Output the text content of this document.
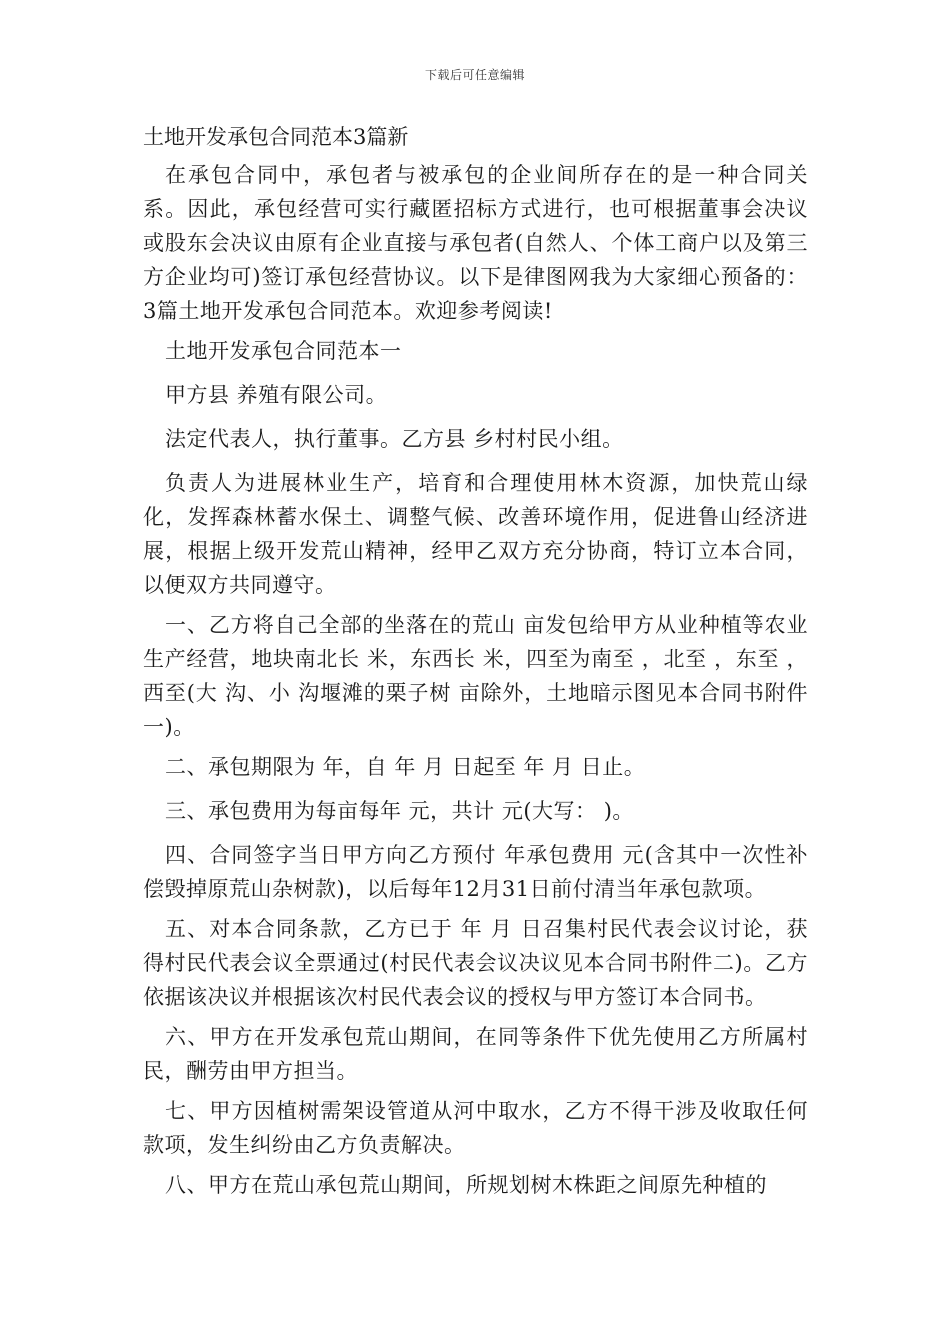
下载后可任意编辑
土地开发承包合同范本3篇新

在承包合同中，承包者与被承包的企业间所存在的是一种合同关系。因此，承包经营可实行藏匿招标方式进行，也可根据董事会决议或股东会决议由原有企业直接与承包者(自然人、个体工商户以及第三方企业均可)签订承包经营协议。以下是律图网我为大家细心预备的：3篇土地开发承包合同范本。欢迎参考阅读!

土地开发承包合同范本一

甲方县 养殖有限公司。

法定代表人，执行董事。乙方县 乡村村民小组。

负责人为进展林业生产，培育和合理使用林木资源，加快荒山绿化，发挥森林蓄水保土、调整气候、改善环境作用，促进鲁山经济进展，根据上级开发荒山精神，经甲乙双方充分协商，特订立本合同，以便双方共同遵守。

一、乙方将自己全部的坐落在的荒山 亩发包给甲方从业种植等农业生产经营，地块南北长 米，东西长 米，四至为南至 ，北至 ，东至 ，西至(大 沟、小 沟堰滩的栗子树 亩除外，土地暗示图见本合同书附件一)。

二、承包期限为 年，自 年 月 日起至 年 月 日止。

三、承包费用为每亩每年 元，共计 元(大写： )。

四、合同签字当日甲方向乙方预付 年承包费用 元(含其中一次性补偿毁掉原荒山杂树款)，以后每年12月31日前付清当年承包款项。

五、对本合同条款，乙方已于 年 月 日召集村民代表会议讨论，获得村民代表会议全票通过(村民代表会议决议见本合同书附件二)。乙方依据该决议并根据该次村民代表会议的授权与甲方签订本合同书。

六、甲方在开发承包荒山期间，在同等条件下优先使用乙方所属村民，酬劳由甲方担当。

七、甲方因植树需架设管道从河中取水，乙方不得干涉及收取任何款项，发生纠纷由乙方负责解决。

八、甲方在荒山承包荒山期间，所规划树木株距之间原先种植的
